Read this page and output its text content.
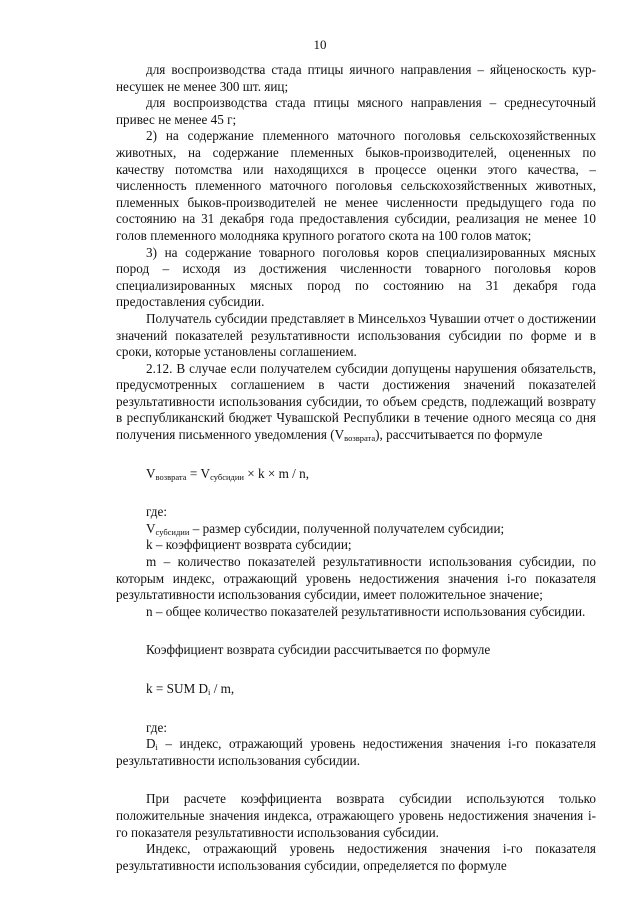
10

для воспроизводства стада птицы яичного направления – яйценоскость кур-несушек не менее 300 шт. яиц;

для воспроизводства стада птицы мясного направления – среднесуточный привес не менее 45 г;

2) на содержание племенного маточного поголовья сельскохозяйственных животных, на содержание племенных быков-производителей, оцененных по качеству потомства или находящихся в процессе оценки этого качества, – численность племенного маточного поголовья сельскохозяйственных животных, племенных быков-производителей не менее численности предыдущего года по состоянию на 31 декабря года предоставления субсидии, реализация не менее 10 голов племенного молодняка крупного рогатого скота на 100 голов маток;

3) на содержание товарного поголовья коров специализированных мясных пород – исходя из достижения численности товарного поголовья коров специализированных мясных пород по состоянию на 31 декабря года предоставления субсидии.

Получатель субсидии представляет в Минсельхоз Чувашии отчет о достижении значений показателей результативности использования субсидии по форме и в сроки, которые установлены соглашением.

2.12. В случае если получателем субсидии допущены нарушения обязательств, предусмотренных соглашением в части достижения значений показателей результативности использования субсидии, то объем средств, подлежащий возврату в республиканский бюджет Чувашской Республики в течение одного месяца со дня получения письменного уведомления $(V_{возврата})$, рассчитывается по формуле

$V_{возврата} = V_{субсидии} \times k \times m / n$,

где:

$V_{субсидии}$ – размер субсидии, полученной получателем субсидии;

k – коэффициент возврата субсидии;

m – количество показателей результативности использования субсидии, по которым индекс, отражающий уровень недостижения значения i-го показателя результативности использования субсидии, имеет положительное значение;

n – общее количество показателей результативности использования субсидии.

Коэффициент возврата субсидии рассчитывается по формуле

k = SUM $D_i$ / m,

где:

$D_i$ – индекс, отражающий уровень недостижения значения i-го показателя результативности использования субсидии.

При расчете коэффициента возврата субсидии используются только положительные значения индекса, отражающего уровень недостижения значения i-го показателя результативности использования субсидии.

Индекс, отражающий уровень недостижения значения i-го показателя результативности использования субсидии, определяется по формуле
